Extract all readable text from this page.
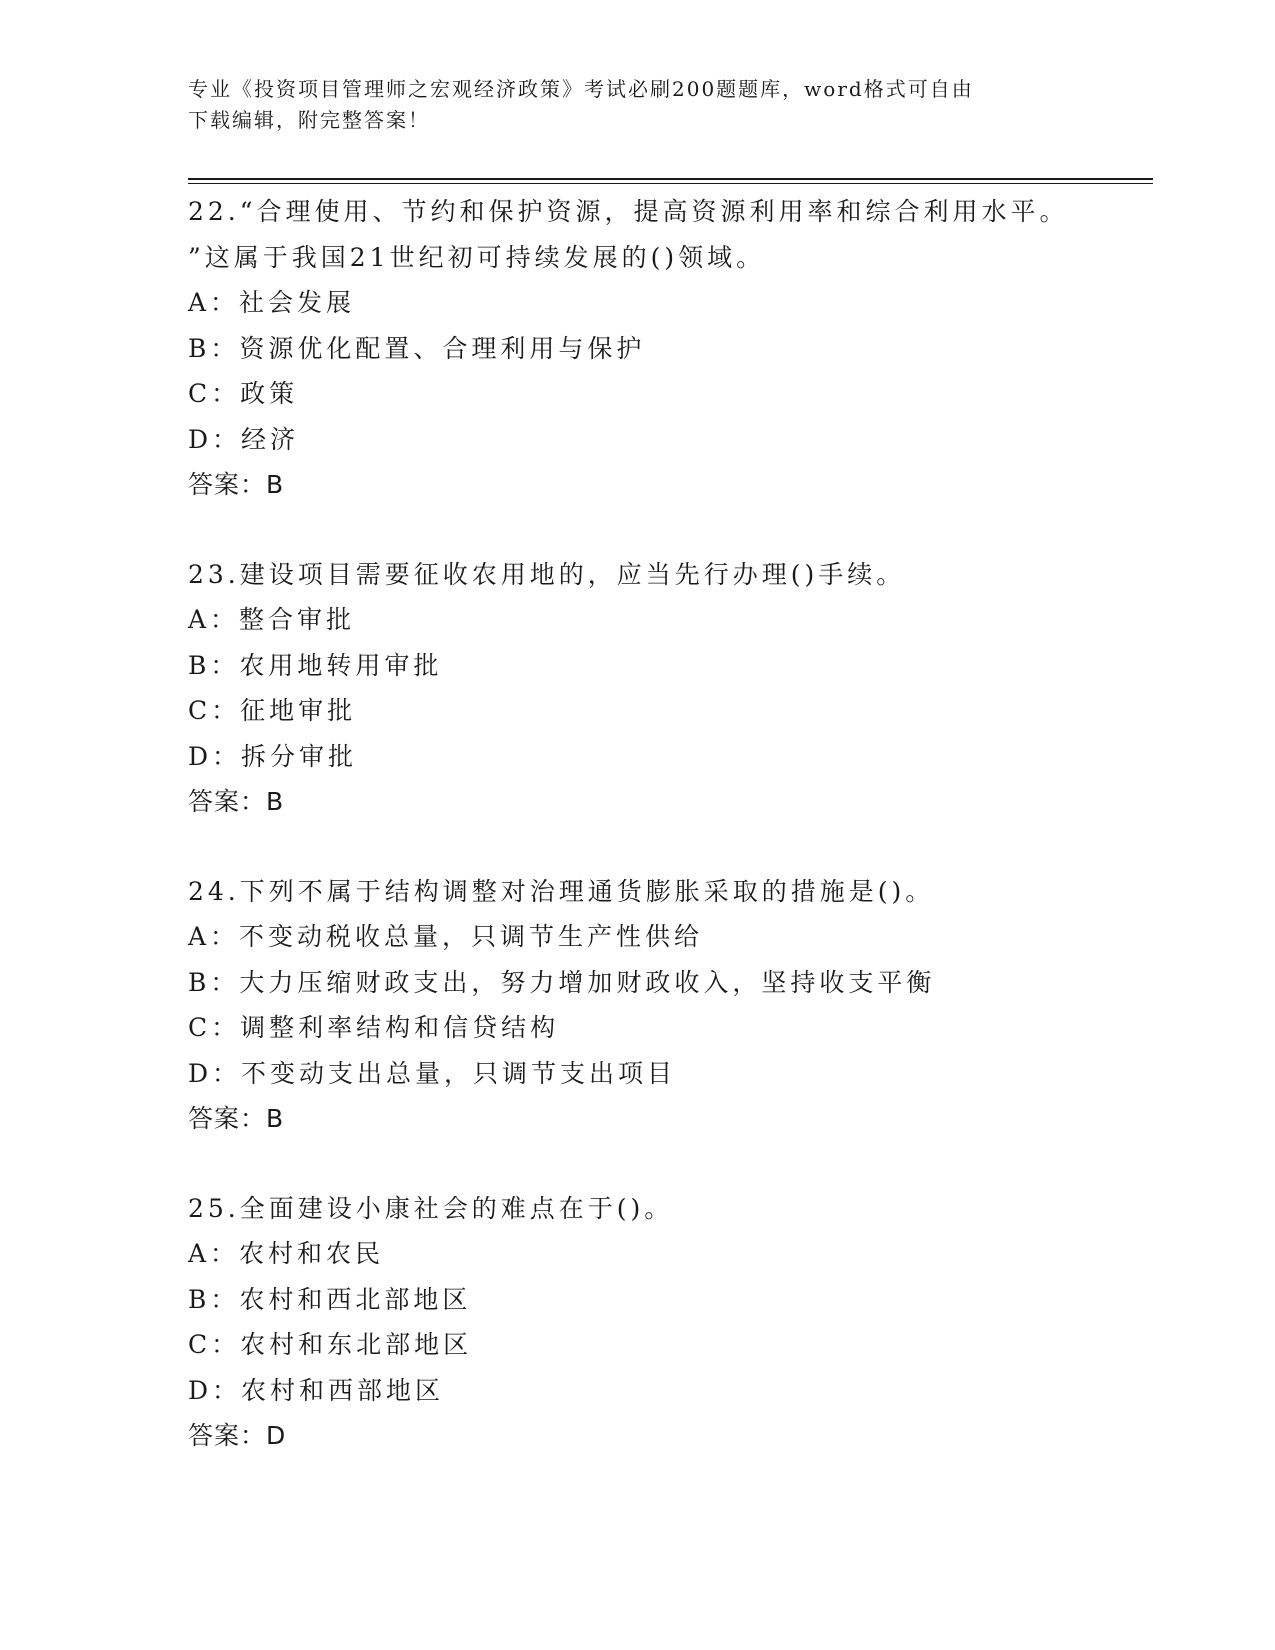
专业《投资项目管理师之宏观经济政策》考试必刷200题题库，word格式可自由
下载编辑，附完整答案！
22.“合理使用、节约和保护资源，提高资源利用率和综合利用水平。
”这属于我国21世纪初可持续发展的()领域。
A：社会发展
B：资源优化配置、合理利用与保护
C：政策
D：经济
答案：B
23.建设项目需要征收农用地的，应当先行办理()手续。
A：整合审批
B：农用地转用审批
C：征地审批
D：拆分审批
答案：B
24.下列不属于结构调整对治理通货膨胀采取的措施是()。
A：不变动税收总量，只调节生产性供给
B：大力压缩财政支出，努力增加财政收入，坚持收支平衡
C：调整利率结构和信贷结构
D：不变动支出总量，只调节支出项目
答案：B
25.全面建设小康社会的难点在于()。
A：农村和农民
B：农村和西北部地区
C：农村和东北部地区
D：农村和西部地区
答案：D
